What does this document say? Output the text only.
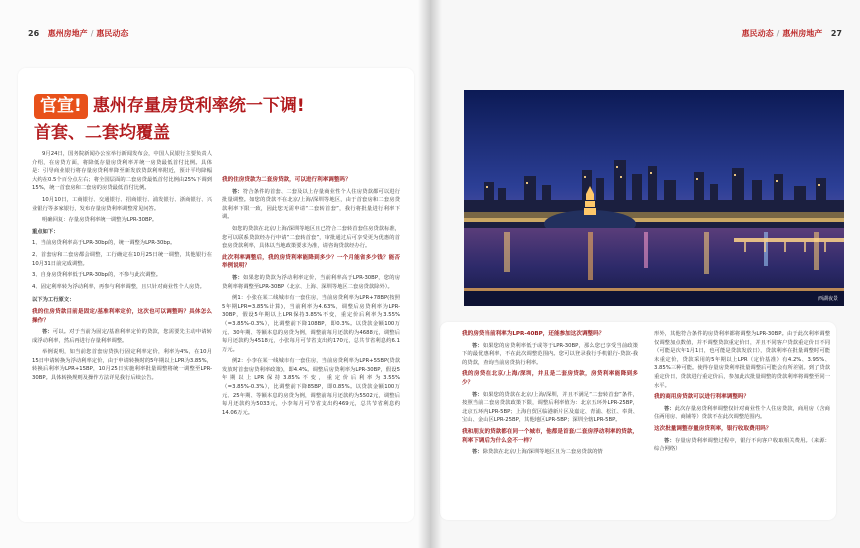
26 惠州房地产 / 惠民动态
官宣! 惠州存量房贷利率统一下调!
首套、二套均覆盖

9月24日，国务院新闻办公室举行新闻发布会，中国人民银行主要负责人介绍，在房贷方面，将降低存量房贷利率并统一房贷最低首付比例。具体是：引导商业银行将存量房贷利率降至新发放贷款利率附近，预计平均降幅大约在0.5个百分点左右；将全国层面的二套房贷最低首付比例由25%下调到15%，统一首套房和二套房的房贷最低首付比例。

10月10日，工商银行、交通银行、招商银行、浦发银行、浙商银行、兴业银行等多家银行，发布存量房贷利率调整常见问答。

明确回复：存量房贷利率统一调整为LPR-30BP。

重点如下：

1、当前房贷利率高于LPR-30bp的，统一调整为LPR-30bp。

2、首套房和二套房都会调整，工行确定在10月25日统一调整，其他银行在10月31日前完成调整。

3、自身房贷利率低于LPR-30bp的，不参与此次调整。

4、固定利率转为浮动利率，再参与利率调整，且只针对商业性个人房贷。

以下为工行原文：

我的住房贷款目前是固定/基准利率定价，这次也可以调整吗？具体怎么操作？

答：可以。对于当前为固定/基准利率定价的贷款，您需要先主动申请转成浮动利率，然后再进行存量利率调整。

举例说明，如当前您首套房贷执行固定利率定价，利率为4%，在10月15日申请转换为浮动利率定价，由于申请转换时的5年期以上LPR为3.85%，转换后利率为LPR+15BP，10月25日实施利率批量调整将统一调整至LPR-30BP。具体转换规则及操作方法详见我行后续公告。

我的住房贷款为二套房贷款，可以进行利率调整吗？

答：符合条件的首套、二套及以上存量商业性个人住房贷款都可以进行批量调整。如您的贷款不在北京/上海/深圳等地区，由于首套房和二套房贷款利率下限一致，因此您无需申请“二套转首套”，我行将批量进行利率下调。

如您的贷款在北京/上海/深圳等地区且已符合二套转首套住房贷款标准，您可以联系贷款经办行申请“二套转首套”，审批通过后可享受更为优惠的首套房贷款利率，具体以当地政策要求为准，请咨询贷款经办行。

此次利率调整后，我的房贷利率能降到多少？一个月能省多少钱？能否举例说明？

答：如果您的贷款为浮动利率定价，当前利率高于LPR-30BP，您的房贷利率将调整至LPR-30BP（北京、上海、深圳等地区二套房贷款除外）。

例1：小张在某二线城市有一套住房，当前房贷利率为LPR+78BP(按照5年期LPR=3.85%计算)，当前利率为4.63%，调整后房贷利率为LPR-30BP，假设5年期以上LPR保持3.85%不变，重定价后利率为3.55%（=3.85%-0.3%），比调整前下降108BP，即0.3%。以贷款金额100万元、30年期、等额本息的房贷为例，调整前每月还款约为4688元，调整后每月还款约为4518元，小张每月可节省支出约170元，总共节省利息约6.1万元。

例2：小李在某一线城市有一套住房，当前房贷利率为LPR+55BP(贷款发放时首套房贷利率政策)，即4.4%。调整后房贷利率为LPR-30BP，假设5年期以上LPR保持3.85%不变，重定价后利率为3.55%（=3.85%-0.3%），比调整前下降85BP，即0.85%。以贷款金额100万元、25年期、等额本息的房贷为例，调整前每月还款约为5502元，调整后每月还款约为5033元，小李每月可节省支出约469元，总共节省利息约14.06万元。

惠民动态 / 惠州房地产 27

我的房贷当前利率为LPR-40BP，还能参加这次调整吗？

答：如果您的房贷利率低于或等于LPR-30BP，那么您已享受当前政策下的最优惠利率，不在此次调整范围内。您可以登录我行手机银行-贷款-我的贷款，查询当前房贷执行利率。

我的房贷在北京/上海/深圳，并且是二套房贷款，房贷利率能降到多少？

答：如果您的贷款在北京/上海/深圳，并且不满足“二套转首套”条件，按照当前二套房贷款政策下限，调整后利率值为：北京五环外LPR-25BP，北京五环内LPR-5BP；上海自贸区临港新片区及嘉定、青浦、松江、奉贤、宝山、金山区LPR-25BP，其他地区LPR-5BP；深圳全辖LPR-5BP。

我和朋友的贷款都在同一个城市，他都是首套/二套房浮动利率的贷款，利率下调后为什么会不一样？

答：除贷款在北京/上海/深圳等地区且为二套房贷款的情

形外，其他符合条件的房贷利率都将调整为LPR-30BP。由于此次利率调整仅调整加点数值，并不调整贷款重定价日，并且不同客户贷款重定价日不同（可能是次年1月1日，也可能是贷款发放日），贷款利率在批量调整时可能未重定价，贷款采用的5年期以上LPR（定价基准）有4.2%、3.95%、3.85%三种可能。使得存量房贷利率批量调整后可能会有所差别。到了贷款重定价日，贷款进行重定价后，参加此次批量调整的贷款利率将调整至同一水平。

我的商用房贷款可以进行利率调整吗？

答：此次存量房贷利率调整仅针对商业性个人住房贷款，商用房（含商住两用房、商铺等）贷款不在此次调整范围内。

这次批量调整存量房贷利率，银行收取费用吗？

答：存量房贷利率调整过程中，银行不向客户收取相关费用。（来源：综合网络）

西湖夜景
